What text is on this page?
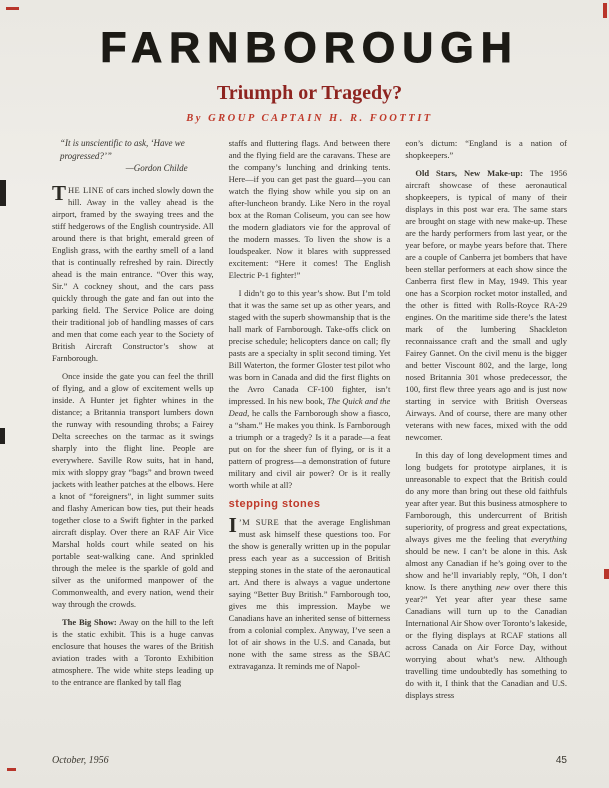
FARNBOROUGH
Triumph or Tragedy?
By GROUP CAPTAIN H. R. FOOTTIT
“It is unscientific to ask, ‘Have we progressed?’”
—Gordon Childe

THE LINE of cars inched slowly down the hill. Away in the valley ahead is the airport, framed by the swaying trees and the stiff hedgerows of the English countryside. All around there is that bright, emerald green of English grass, with the earthy smell of a land that is continually refreshed by rain. Directly ahead is the main entrance. “Over this way, Sir.” A cockney shout, and the cars pass quickly through the gate and fan out into the parking field. The Service Police are doing their traditional job of handling masses of cars and men that come each year to the Society of British Aircraft Constructor’s show at Farnborough.

Once inside the gate you can feel the thrill of flying, and a glow of excitement wells up inside. A Hunter jet fighter whines in the distance; a Britannia transport lumbers down the runway with resounding throbs; a Fairey Delta screeches on the tarmac as it swings sharply into the flight line. People are everywhere. Saville Row suits, hat in hand, mix with sloppy gray “bags” and brown tweed jackets with leather patches at the elbows. Here a knot of “foreigners”, in light summer suits and flashy American bow ties, put their heads together close to a Swift fighter in the parked aircraft display. Over there an RAF Air Vice Marshal holds court while seated on his portable seat-walking cane. And sprinkled through the melee is the sparkle of gold and silver as the uniformed manpower of the Commonwealth, and every nation, wend their way through the crowds.

The Big Show: Away on the hill to the left is the static exhibit. This is a huge canvas enclosure that houses the wares of the British aviation trades with a Toronto Exhibition atmosphere. The wide white steps leading up to the entrance are flanked by tall flag

staffs and fluttering flags. And between there and the flying field are the caravans. These are the company’s lunching and drinking tents. Here—if you can get past the guard—you can watch the flying show while you sip on an after-luncheon brandy. Like Nero in the royal box at the Roman Coliseum, you can see how the modern gladiators vie for the approval of the modern masses. To liven the show is a loudspeaker. Now it blares with suppressed excitement: “Here it comes! The English Electric P-1 fighter!”

I didn’t go to this year’s show. But I’m told that it was the same set up as other years, and staged with the superb showmanship that is the hall mark of Farnborough. Take-offs click on precise schedule; helicopters dance on call; fly pasts are a specialty in split second timing. Yet Bill Waterton, the former Gloster test pilot who was born in Canada and did the first flights on the Avro Canada CF-100 fighter, isn’t impressed. In his new book, The Quick and the Dead, he calls the Farnborough show a fiasco, a “sham.” He makes you think. Is Farnborough a triumph or a tragedy? Is it a parade—a feat put on for the sheer fun of flying, or is it a pattern of progress—a demonstration of future military and civil air power? Or is it really worth while at all?

stepping stones

I ’M SURE that the average Englishman must ask himself these questions too. For the show is generally written up in the popular press each year as a succession of British stepping stones in the state of the aeronautical art. And there is always a vague undertone saying “Better Buy British.” Farnborough too, gives me this impression. Maybe we Canadians have an inherited sense of bitterness from a colonial complex. Anyway, I’ve seen a lot of air shows in the U.S. and Canada, but none with the same stress as the SBAC extravaganza. It reminds me of Napol-

eon’s dictum: “England is a nation of shopkeepers.”

Old Stars, New Make-up: The 1956 aircraft showcase of these aeronautical shopkeepers, is typical of many of their displays in this post war era. The same stars are brought on stage with new make-up. These are the hardy performers from last year, or the year before, or maybe years before that. There are a couple of Canberra jet bombers that have been stellar performers at each show since the Canberra first flew in May, 1949. This year one has a Scorpion rocket motor installed, and the other is fitted with Rolls-Royce RA-29 engines. On the maritime side there’s the latest mark of the lumbering Shackleton reconnaissance craft and the small and ugly Fairey Gannet. On the civil menu is the bigger and better Viscount 802, and the large, long nosed Britannia 301 whose predecessor, the 100, first flew three years ago and is just now starting in service with British Overseas Airways. And of course, there are many other veterans with new faces, mixed with the odd newcomer.

In this day of long development times and long budgets for prototype airplanes, it is unreasonable to expect that the British could do any more than bring out these old faithfuls year after year. But this business atmosphere to Farnborough, this undercurrent of British superiority, of progress and great expectations, always gives me the feeling that everything should be new. I can’t be alone in this. Ask almost any Canadian if he’s going over to the show and he’ll invariably reply, “Oh, I don’t know. Is there anything new over there this year?” Yet year after year these same Canadians will turn up to the Canadian International Air Show over Toronto’s lakeside, or the flying displays at RCAF stations all across Canada on Air Force Day, without worrying about what’s new. Although travelling time undoubtedly has something to do with it, I think that the Canadian and U.S. displays stress

October, 1956	45
